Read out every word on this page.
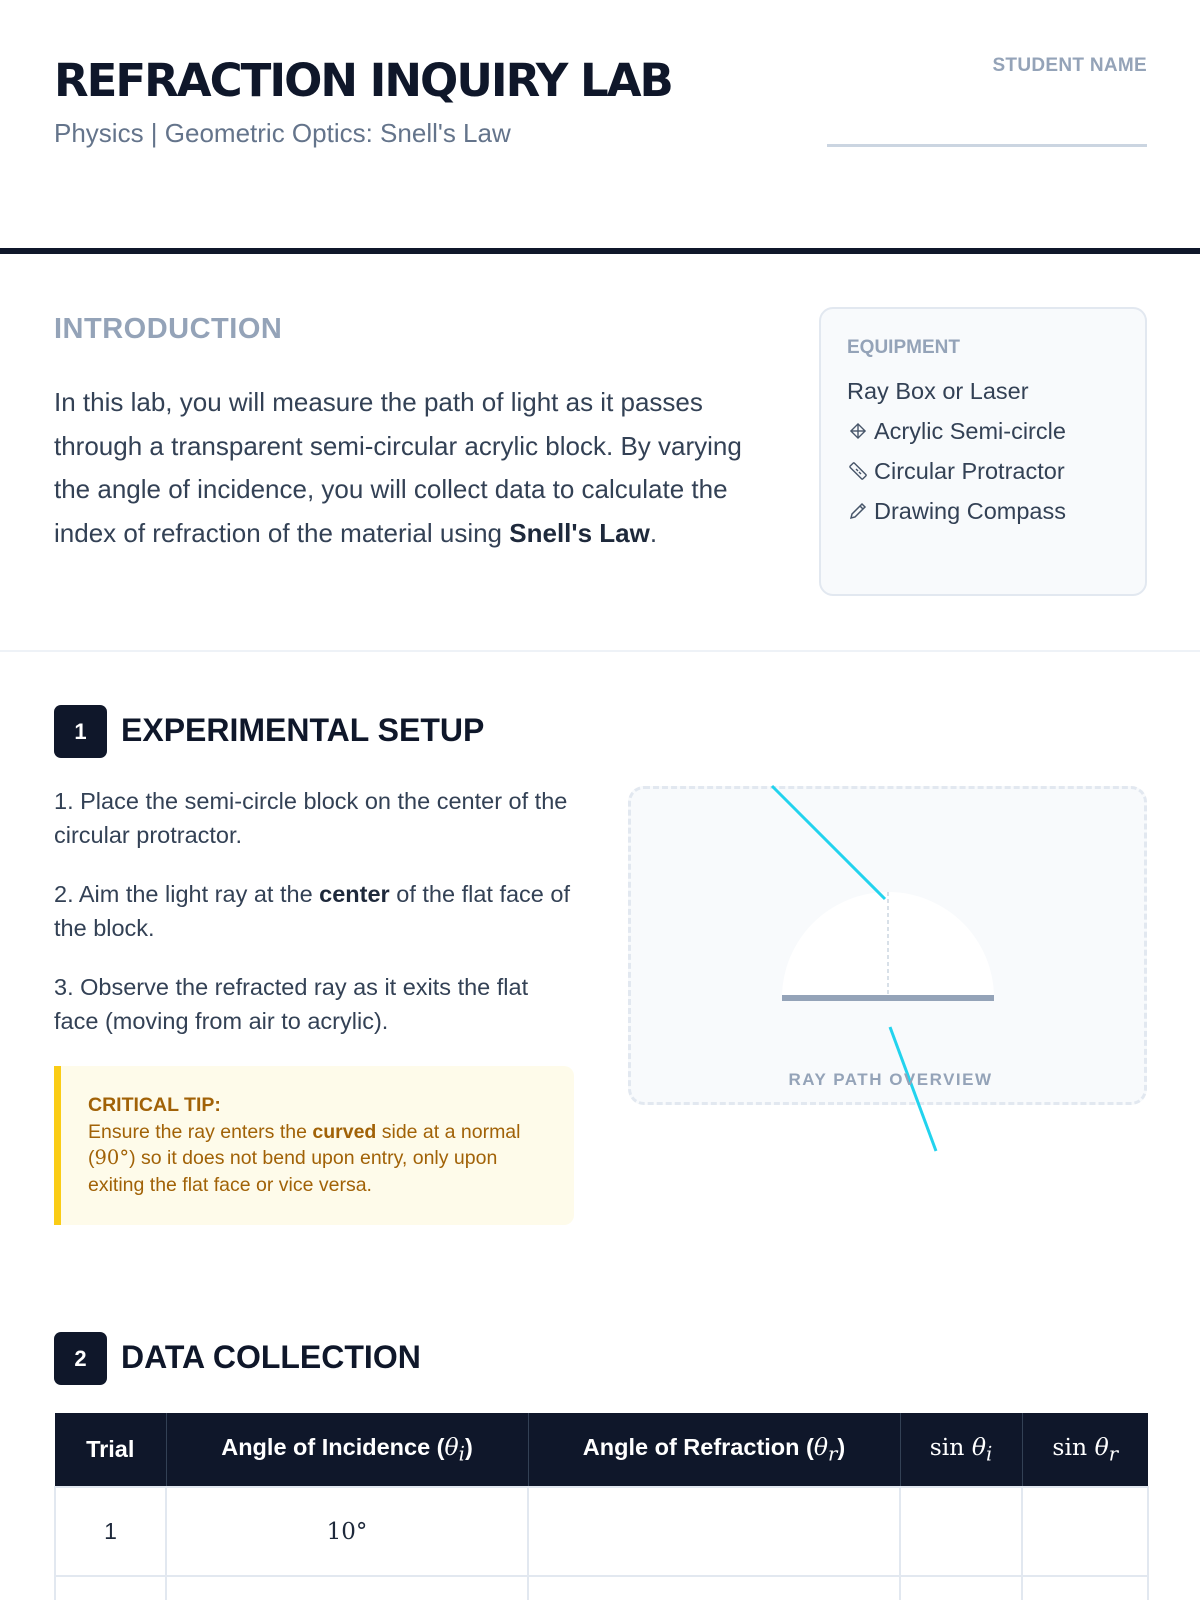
REFRACTION INQUIRY LAB
Physics | Geometric Optics: Snell's Law
STUDENT NAME
INTRODUCTION

In this lab, you will measure the path of light as it passes through a transparent semi-circular acrylic block. By varying the angle of incidence, you will collect data to calculate the index of refraction of the material using Snell's Law.

EQUIPMENT
Ray Box or Laser
Acrylic Semi-circle
Circular Protractor
Drawing Compass
1	EXPERIMENTAL SETUP

1. Place the semi-circle block on the center of the circular protractor.

2. Aim the light ray at the center of the flat face of the block.

3. Observe the refracted ray as it exits the flat face (moving from air to acrylic).

CRITICAL TIP:
Ensure the ray enters the curved side at a normal (90°) so it does not bend upon entry, only upon exiting the flat face or vice versa.
RAY PATH OVERVIEW
2	DATA COLLECTION
Trial	Angle of Incidence $(\theta_i)$	Angle of Refraction $(\theta_r)$	$\sin \theta_i$	$\sin \theta_r$
1	10°			
